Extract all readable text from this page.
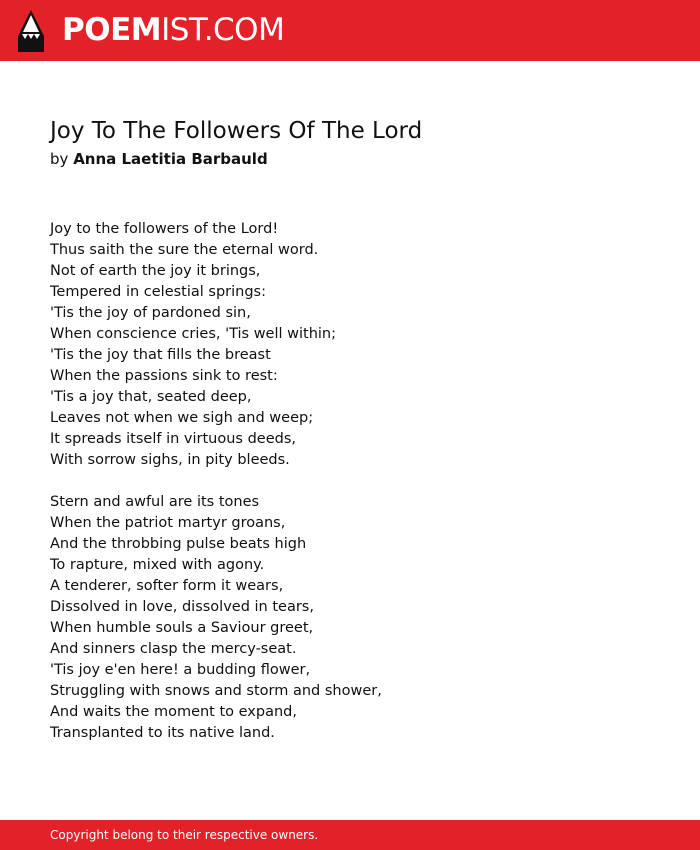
POEMIST.COM
Joy To The Followers Of The Lord
by Anna Laetitia Barbauld
Joy to the followers of the Lord!
Thus saith the sure the eternal word.
Not of earth the joy it brings,
Tempered in celestial springs:
'Tis the joy of pardoned sin,
When conscience cries, 'Tis well within;
'Tis the joy that fills the breast
When the passions sink to rest:
'Tis a joy that, seated deep,
Leaves not when we sigh and weep;
It spreads itself in virtuous deeds,
With sorrow sighs, in pity bleeds.
Stern and awful are its tones
When the patriot martyr groans,
And the throbbing pulse beats high
To rapture, mixed with agony.
A tenderer, softer form it wears,
Dissolved in love, dissolved in tears,
When humble souls a Saviour greet,
And sinners clasp the mercy-seat.
'Tis joy e'en here! a budding flower,
Struggling with snows and storm and shower,
And waits the moment to expand,
Transplanted to its native land.
Copyright belong to their respective owners.
